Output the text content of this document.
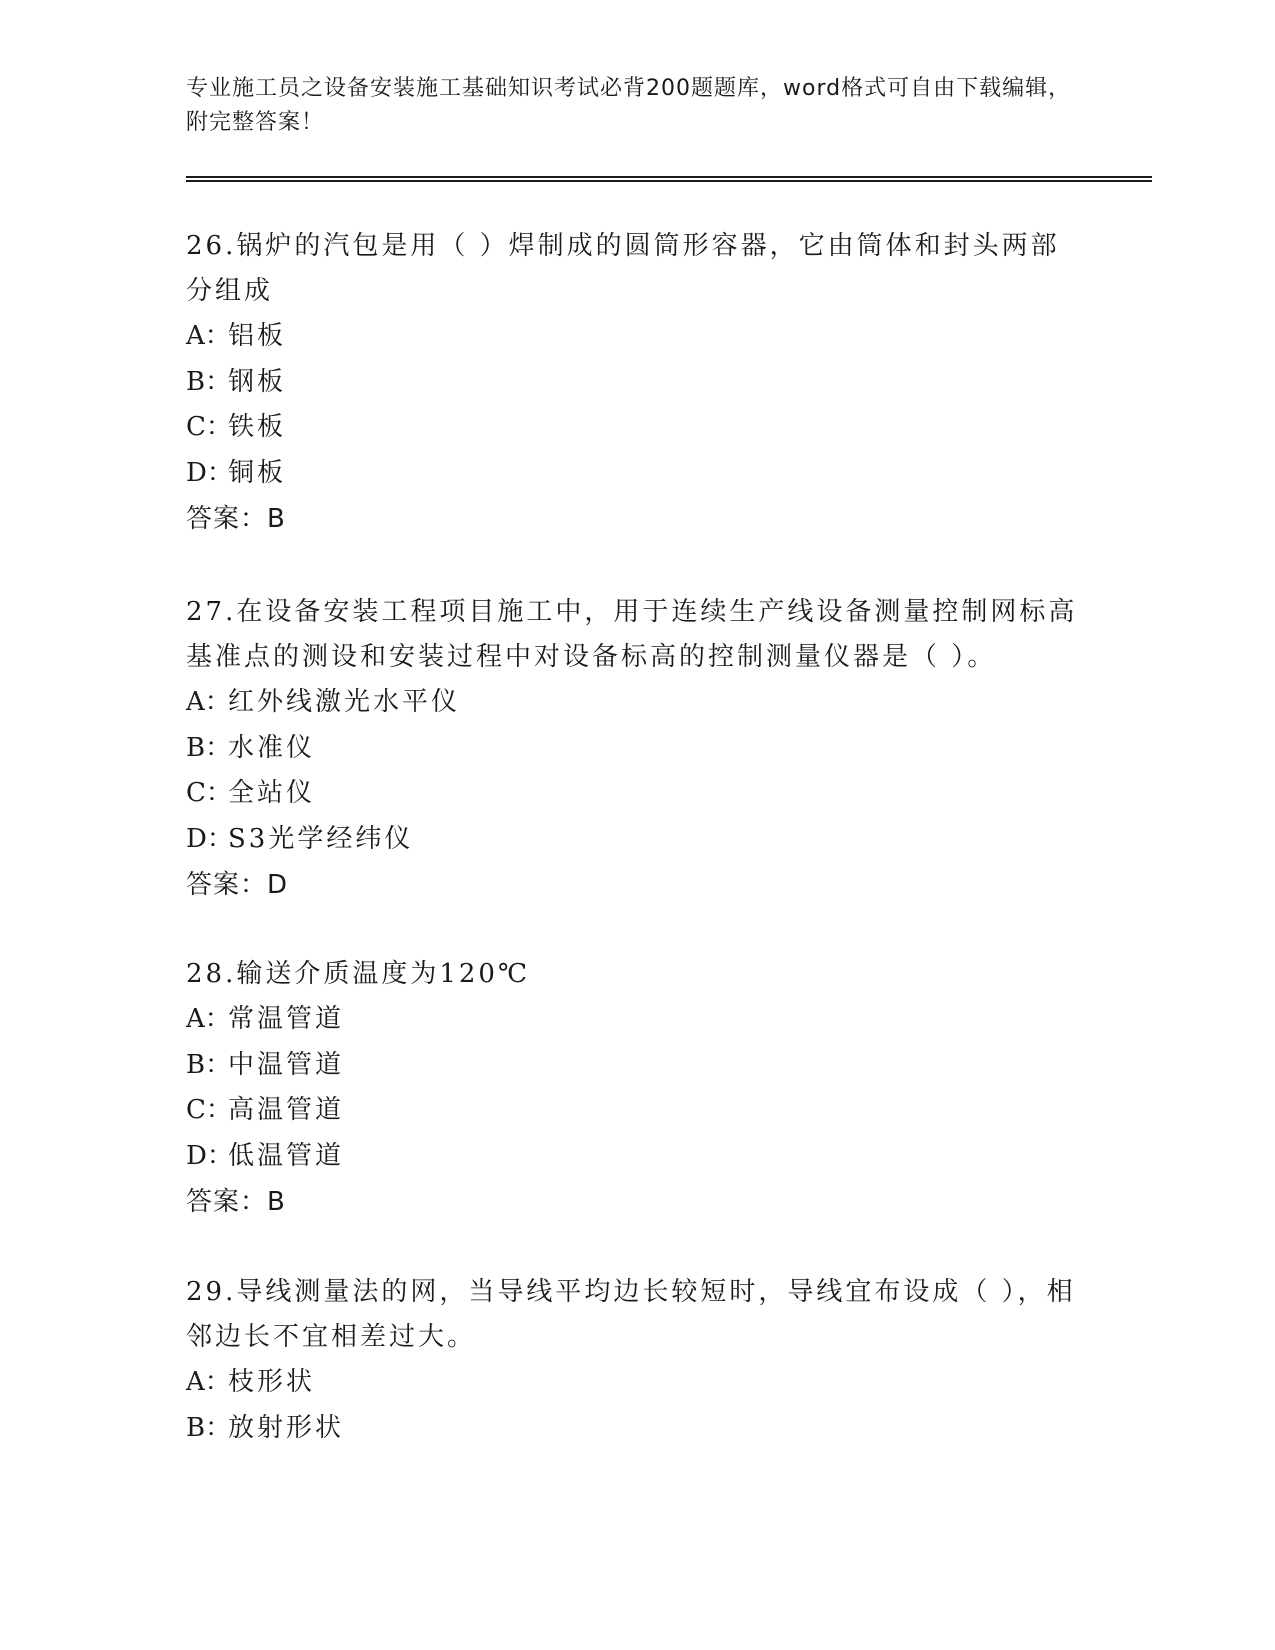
专业施工员之设备安装施工基础知识考试必背200题题库，word格式可自由下载编辑，附完整答案！

26.锅炉的汽包是用（ ）焊制成的圆筒形容器，它由筒体和封头两部分组成

A：铝板
B：钢板
C：铁板
D：铜板
答案：B

27.在设备安装工程项目施工中，用于连续生产线设备测量控制网标高基准点的测设和安装过程中对设备标高的控制测量仪器是（ ）。

A：红外线激光水平仪
B：水准仪
C：全站仪
D：S3光学经纬仪
答案：D

28.输送介质温度为120℃

A：常温管道
B：中温管道
C：高温管道
D：低温管道
答案：B

29.导线测量法的网，当导线平均边长较短时，导线宜布设成（ ），相邻边长不宜相差过大。

A：枝形状
B：放射形状
